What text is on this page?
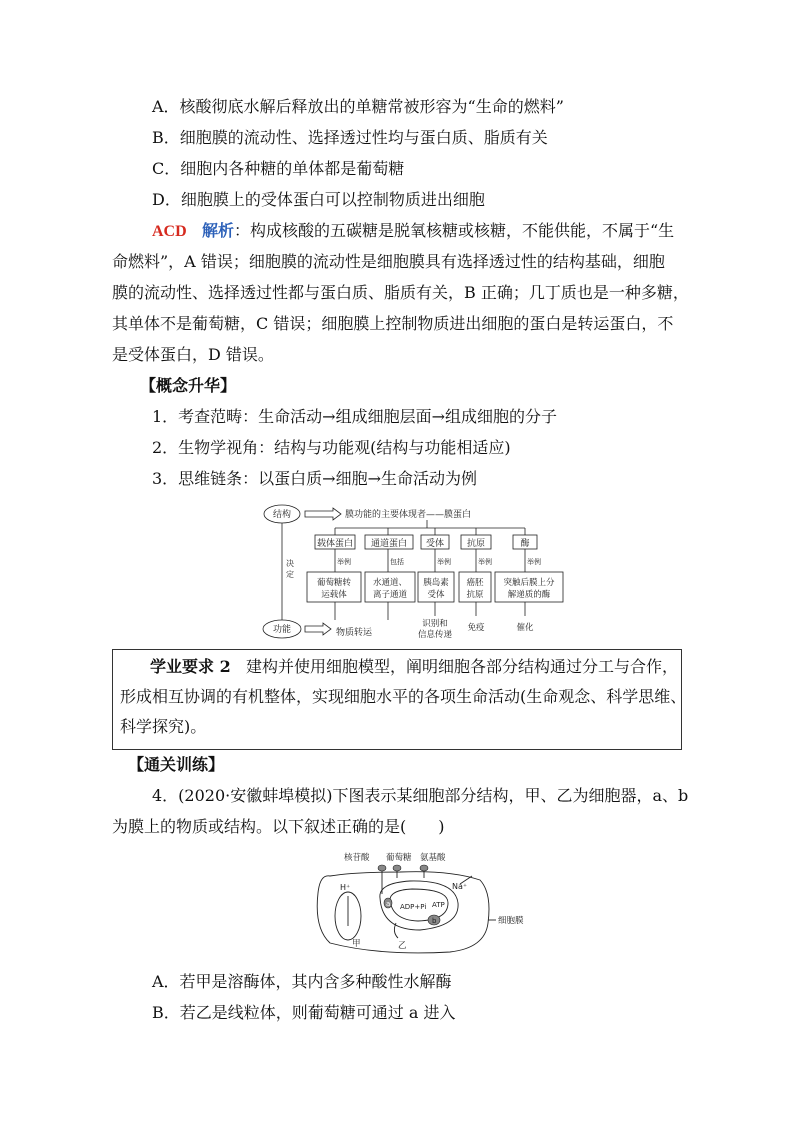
A．核酸彻底水解后释放出的单糖常被形容为“生命的燃料”
B．细胞膜的流动性、选择透过性均与蛋白质、脂质有关
C．细胞内各种糖的单体都是葡萄糖
D．细胞膜上的受体蛋白可以控制物质进出细胞
ACD 解析：构成核酸的五碳糖是脱氧核糖或核糖，不能供能，不属于“生
命燃料”，A 错误；细胞膜的流动性是细胞膜具有选择透过性的结构基础，细胞
膜的流动性、选择透过性都与蛋白质、脂质有关，B 正确；几丁质也是一种多糖，
其单体不是葡萄糖，C 错误；细胞膜上控制物质进出细胞的蛋白是转运蛋白，不
是受体蛋白，D 错误。
【概念升华】
1．考查范畴：生命活动→组成细胞层面→组成细胞的分子
2．生物学视角：结构与功能观(结构与功能相适应)
3．思维链条：以蛋白质→细胞→生命活动为例
结构
功能
决
定
膜功能的主要体现者——膜蛋白
物质转运
载体蛋白 通道蛋白 受体	抗原	酶
举例	包括	举例	举例	举例
葡萄糖转
运载体
水通道、
离子通道
胰岛素
受体
癌胚
抗原
突触后膜上分
解递质的酶
识别和
信息传递
免疫	催化
学业要求 2 建构并使用细胞模型，阐明细胞各部分结构通过分工与合作，
形成相互协调的有机整体，实现细胞水平的各项生命活动(生命观念、科学思维、
科学探究)。
【通关训练】
4．(2020·安徽蚌埠模拟)下图表示某细胞部分结构，甲、乙为细胞器，a、b
为膜上的物质或结构。以下叙述正确的是(　　)
核苷酸 葡萄糖 氨基酸
H⁺	Na⁺
a
b
ADP+Pi ATP
甲	乙
细胞膜
A．若甲是溶酶体，其内含多种酸性水解酶
B．若乙是线粒体，则葡萄糖可通过 a 进入
